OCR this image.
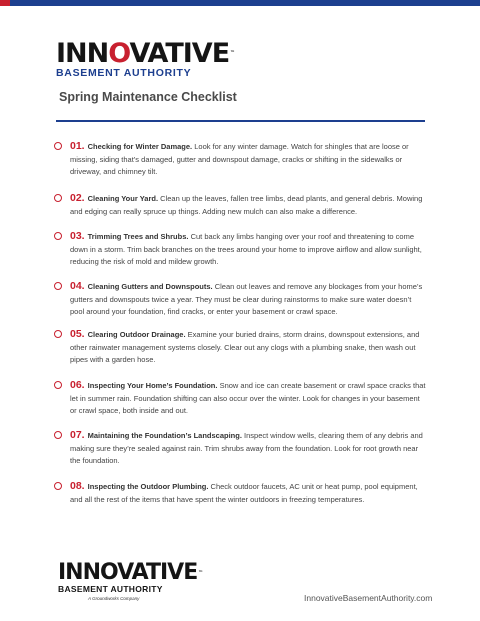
INNOVATIVE™
BASEMENT AUTHORITY
Spring Maintenance Checklist
01. Checking for Winter Damage. Look for any winter damage. Watch for shingles that are loose or missing, siding that’s damaged, gutter and downspout damage, cracks or shifting in the sidewalks or driveway, and chimney tilt.
02. Cleaning Your Yard. Clean up the leaves, fallen tree limbs, dead plants, and general debris. Mowing and edging can really spruce up things. Adding new mulch can also make a difference.
03. Trimming Trees and Shrubs. Cut back any limbs hanging over your roof and threatening to come down in a storm. Trim back branches on the trees around your home to improve airflow and allow sunlight, reducing the risk of mold and mildew growth.
04. Cleaning Gutters and Downspouts. Clean out leaves and remove any blockages from your home’s gutters and downspouts twice a year. They must be clear during rainstorms to make sure water doesn’t pool around your foundation, find cracks, or enter your basement or crawl space.
05. Clearing Outdoor Drainage. Examine your buried drains, storm drains, downspout extensions, and other rainwater management systems closely. Clear out any clogs with a plumbing snake, then wash out pipes with a garden hose.
06. Inspecting Your Home’s Foundation. Snow and ice can create basement or crawl space cracks that let in summer rain. Foundation shifting can also occur over the winter. Look for changes in your basement or crawl space, both inside and out.
07. Maintaining the Foundation’s Landscaping. Inspect window wells, clearing them of any debris and making sure they’re sealed against rain. Trim shrubs away from the foundation. Look for root growth near the foundation.
08. Inspecting the Outdoor Plumbing. Check outdoor faucets, AC unit or heat pump, pool equipment, and all the rest of the items that have spent the winter outdoors in freezing temperatures.
INNOVATIVE™
BASEMENT AUTHORITY
A Groundworks Company	InnovativeBasementAuthority.com
